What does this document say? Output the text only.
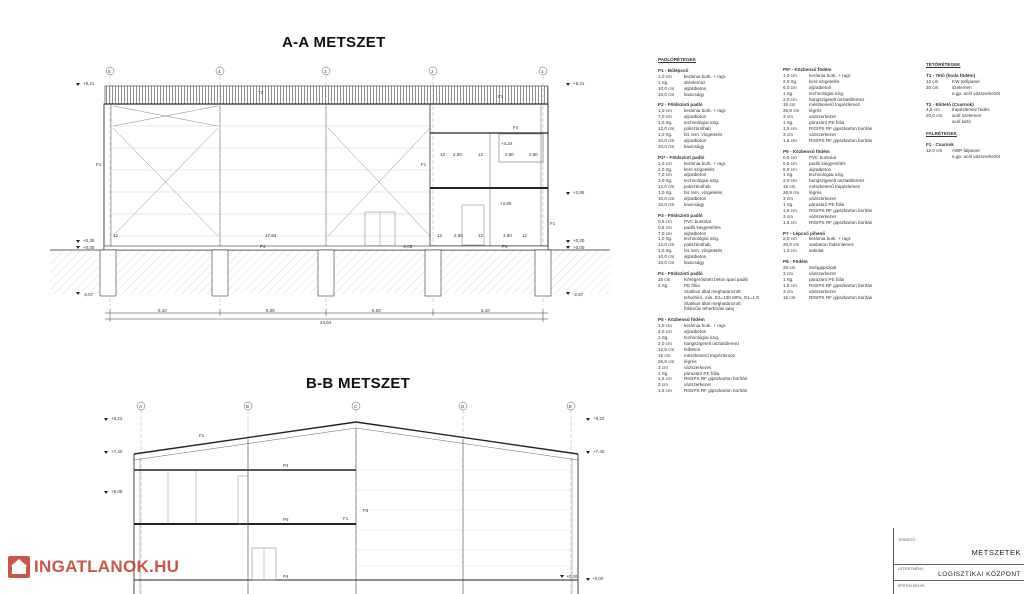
A-A METSZET
B-B METSZET
5	4	3	2	1
+9,21	+9,21
+4,24
+2,95
+2,80
+0,30
+0,00
+0,30
+0,00
-0,05
-2,57	-2,57
T2
F1	F1
F4
P4	P4
F1
F1
12 2,90	12	2,80
12	2,80	12	3,90 12
2,80
12	17,93
6,10	6,05	6,00	6,10
24,64
A	B	C	D	E
+9,22
+7,40
+5,08
+0,40	+0,00
+9,22
+7,40
F1
P4
P5
F3
F1
P4
PADLÓRÉTEGEK
P1 - Bőlépcső
1,0 cm	kerámia burk. + ragr.
1 rtg.	drénlemez
10,0 cm	aljzatbeton
10,0 cm	kavicságy
P2 - Földszinti padló
1,0 cm	kerámia burk. + ragr.
7,0 cm	aljzatbeton
1,0 rtg.	technológiai szig.
12,0 cm	polisztirolhab
1,0 rtg.	bit. lem. vízgetetés
10,0 cm	aljzatbeton
10,0 cm	kavicságy
P2* - Földszinti padló
1,0 cm	kerámia burk. + ragr.
2,0 rtg.	kent szigetelés
7,0 cm	aljzatbeton
1,0 rtg.	technológiai szig.
12,0 cm	polisztirolhab
1,0 rtg.	bit. lem. vízgetetés
10,0 cm	aljzatbeton
10,0 cm	kavicságy
P3 - Földszinti padló
0,5 cm	PVC burkolat
0,5 cm	padló kiegyenlítés
7,0 cm	aljzatbeton
1,0 rtg.	technológiai szig.
12,0 cm	polisztirolhab
1,0 rtg.	bit. lem. vízgetetés
10,0 cm	aljzatbeton
10,0 cm	kavicságy
P4 - Földszinti padló
25 cm	Kéregerősített beton ipari padló
2 rtg.	PE fólia
Statikus által meghatározott
teherbíró, min. E2=130 MPa, E1=1,9
Statikus által meghatározott
földművi teherbírási talaj
P5 - Közbenső födém
1,0 cm	kerámia burk. + ragr.
4,0 cm	aljzatbeton
1 rtg.	technológiai szig.
2,0 cm	hangszigetelt úsztatólemez
12,5 cm	felbeton
15 cm	mészkeserű trapézlemez
26,8 cm	légrés
3 cm	vázszerkezet
1 rtg.	párazáró PE fólia
1,5 cm	RIGIPS RF gipszkarton borítás
3 cm	vázszerkezet
1,5 cm	RIGIPS RF gipszkarton borítás
P5* - Közbenső födém
1,0 cm	kerámia burk. + ragr.
2,0 rtg.	kent szigetelés
6,0 cm	aljzatbeton
1 rtg.	technológiai szig.
2,0 cm	hangszigetelt úsztatólemez
15 cm	mészkeserű trapézlemez
26,8 cm	légrés
3 cm	vázszerkezet
1 rtg.	párazáró PE fólia
1,5 cm	RIGIPS RF gipszkarton borítás
3 cm	vázszerkezet
1,5 cm	RIGIPS RF gipszkarton borítás
P6 - Közbenső födém
0,5 cm	PVC burkolat
0,5 cm	padló kiegyenlítés
6,0 cm	aljzatbeton
1 rtg.	technológiai szig.
2,0 cm	hangszigetelt úsztatólemez
15 cm	mészkeserű trapézlemez
26,8 cm	légrés
3 cm	vázszerkezet
1 rtg.	párazáró PE fólia
1,5 cm	RIGIPS RF gipszkarton borítás
3 cm	vázszerkezet
1,5 cm	RIGIPS RF gipszkarton borítás
P7 - Lépcső pihenő
2,0 cm	kerámia burk. + ragr.
20,0 cm	vasbeton födémlemez
1,0 cm	vakolat
P8 - Födém
25 cm	Svéggipszpal
3 cm	vázszerkezet
1 rtg.	párazáró PE fólia
1,5 cm	RIGIPS RF gipszkarton borítás
3 cm	vázszerkezet
15 cm	RIGIPS RF gipszkarton borítás
TETŐRÉTEGEK
T1 - Tető (hoda födém)
12 cm	KW tetőpanel
20 cm	szelemen
e.gp. acél vázszerkezet
T2 - Előtető (Csarnok)
4,5 cm	trapézlemez fedés
20,0 cm	acél szelemen
acél tartó
FALRÉTEGEK
F1 - Csarnok
12,0 cm	AWP falpanel
e.gp. acél vázszerkezet
TERVEZŐ:
METSZETEK
LÉTESÍTMÉNY:
LOGISZTIKAI KÖZPONT
ÉPÍTÉSI HELYE:
INGATLANOK.HU
